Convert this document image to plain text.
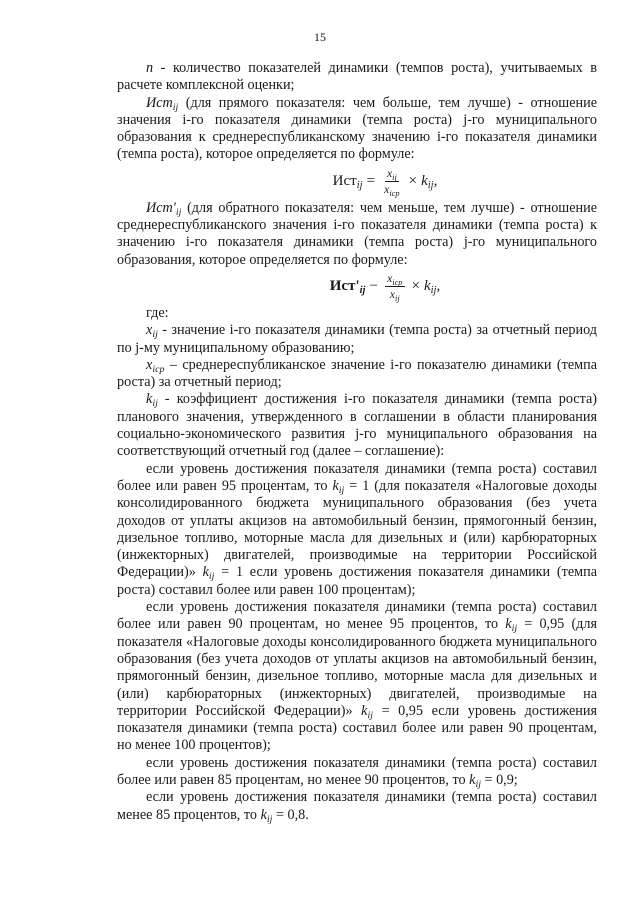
15

n - количество показателей динамики (темпов роста), учитываемых в расчете комплексной оценки;

Ист$_{ij}$ (для прямого показателя: чем больше, тем лучше) - отношение значения i-го показателя динамики (темпа роста) j-го муниципального образования к среднереспубликанскому значению i-го показателя динамики (темпа роста), которое определяется по формуле:

$Ист_{ij} = \frac{x_{ij}}{x_{icp}} \times k_{ij}$,

$Ист'_{ij}$ (для обратного показателя: чем меньше, тем лучше) - отношение среднереспубликанского значения i-го показателя динамики (темпа роста) к значению i-го показателя динамики (темпа роста) j-го муниципального образования, которое определяется по формуле:

$Ист'_{ij} - \frac{x_{icp}}{x_{ij}} \times k_{ij}$,

где:

$x_{ij}$ - значение i-го показателя динамики (темпа роста) за отчетный период по j-му муниципальному образованию;

$x_{icp}$ – среднереспубликанское значение i-го показателю динамики (темпа роста) за отчетный период;

$k_{ij}$ - коэффициент достижения i-го показателя динамики (темпа роста) планового значения, утвержденного в соглашении в области планирования социально-экономического развития j-го муниципального образования на соответствующий отчетный год (далее – соглашение):

если уровень достижения показателя динамики (темпа роста) составил более или равен 95 процентам, то $k_{ij} = 1$ (для показателя «Налоговые доходы консолидированного бюджета муниципального образования (без учета доходов от уплаты акцизов на автомобильный бензин, прямогонный бензин, дизельное топливо, моторные масла для дизельных и (или) карбюраторных (инжекторных) двигателей, производимые на территории Российской Федерации)» $k_{ij} = 1$ если уровень достижения показателя динамики (темпа роста) составил более или равен 100 процентам);

если уровень достижения показателя динамики (темпа роста) составил более или равен 90 процентам, но менее 95 процентов, то $k_{ij} = 0,95$ (для показателя «Налоговые доходы консолидированного бюджета муниципального образования (без учета доходов от уплаты акцизов на автомобильный бензин, прямогонный бензин, дизельное топливо, моторные масла для дизельных и (или) карбюраторных (инжекторных) двигателей, производимые на территории Российской Федерации)» $k_{ij} = 0,95$ если уровень достижения показателя динамики (темпа роста) составил более или равен 90 процентам, но менее 100 процентов);

если уровень достижения показателя динамики (темпа роста) составил более или равен 85 процентам, но менее 90 процентов, то $k_{ij} = 0,9$;

если уровень достижения показателя динамики (темпа роста) составил менее 85 процентов, то $k_{ij} = 0,8$.
